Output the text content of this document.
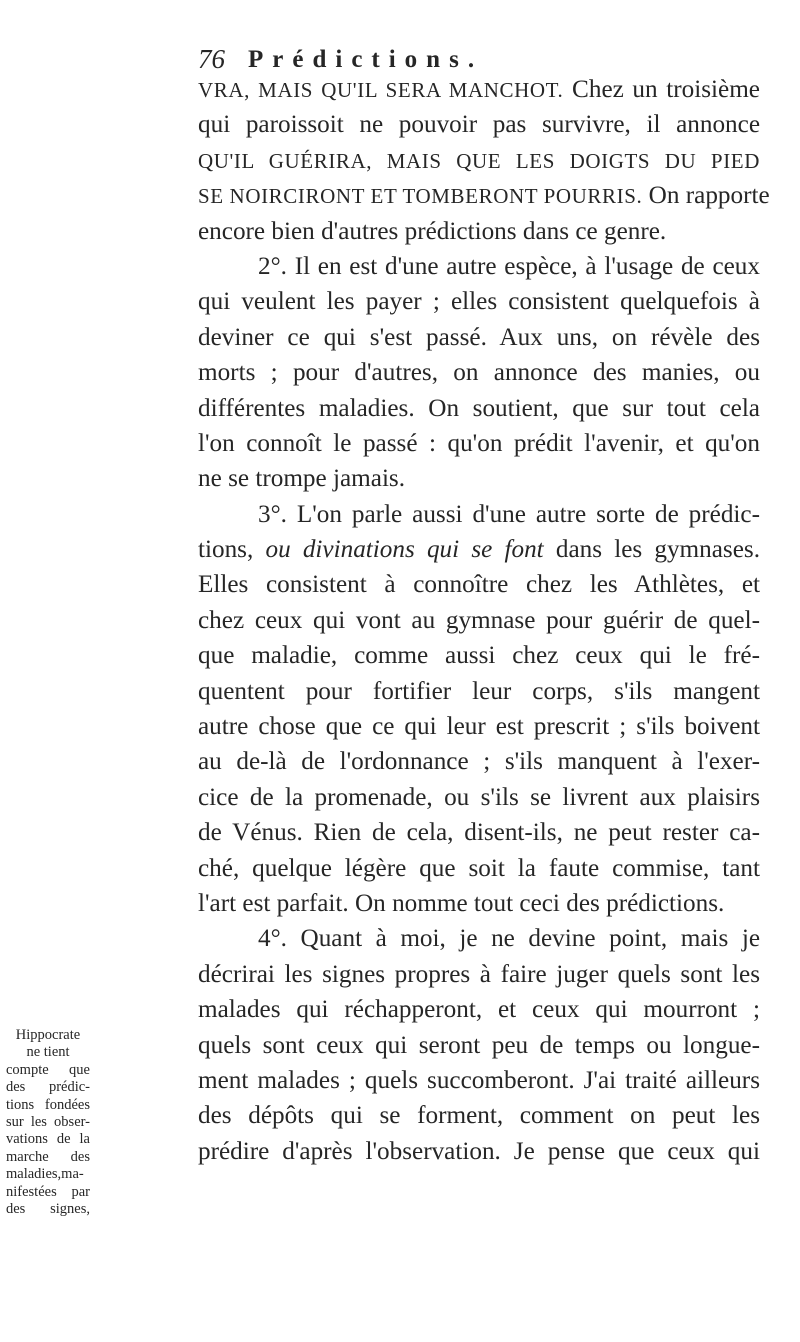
76 Prédictions.
VRA, MAIS QU'IL SERA MANCHOT. Chez un troisième
qui paroissoit ne pouvoir pas survivre, il annonce
QU'IL GUÉRIRA, MAIS QUE LES DOIGTS DU PIED
SE NOIRCIRONT ET TOMBERONT POURRIS. On rapporte
encore bien d'autres prédictions dans ce genre.
2°. Il en est d'une autre espèce, à l'usage de ceux
qui veulent les payer ; elles consistent quelquefois à
deviner ce qui s'est passé. Aux uns, on révèle des
morts ; pour d'autres, on annonce des manies, ou
différentes maladies. On soutient, que sur tout cela
l'on connoît le passé : qu'on prédit l'avenir, et qu'on
ne se trompe jamais.
3°. L'on parle aussi d'une autre sorte de prédic-
tions, ou divinations qui se font dans les gymnases.
Elles consistent à connoître chez les Athlètes, et
chez ceux qui vont au gymnase pour guérir de quel-
que maladie, comme aussi chez ceux qui le fré-
quentent pour fortifier leur corps, s'ils mangent
autre chose que ce qui leur est prescrit ; s'ils boivent
au de-là de l'ordonnance ; s'ils manquent à l'exer-
cice de la promenade, ou s'ils se livrent aux plaisirs
de Vénus. Rien de cela, disent-ils, ne peut rester ca-
ché, quelque légère que soit la faute commise, tant
l'art est parfait. On nomme tout ceci des prédictions.
4°. Quant à moi, je ne devine point, mais je
décrirai les signes propres à faire juger quels sont les
malades qui réchapperont, et ceux qui mourront ;
quels sont ceux qui seront peu de temps ou longue-
ment malades ; quels succomberont. J'ai traité ailleurs
des dépôts qui se forment, comment on peut les
prédire d'après l'observation. Je pense que ceux qui
Hippocrate
ne tient
compte que
des prédic-
tions fondées
sur les obser-
vations de la
marche des
maladies,ma-
nifestées par
des signes,
